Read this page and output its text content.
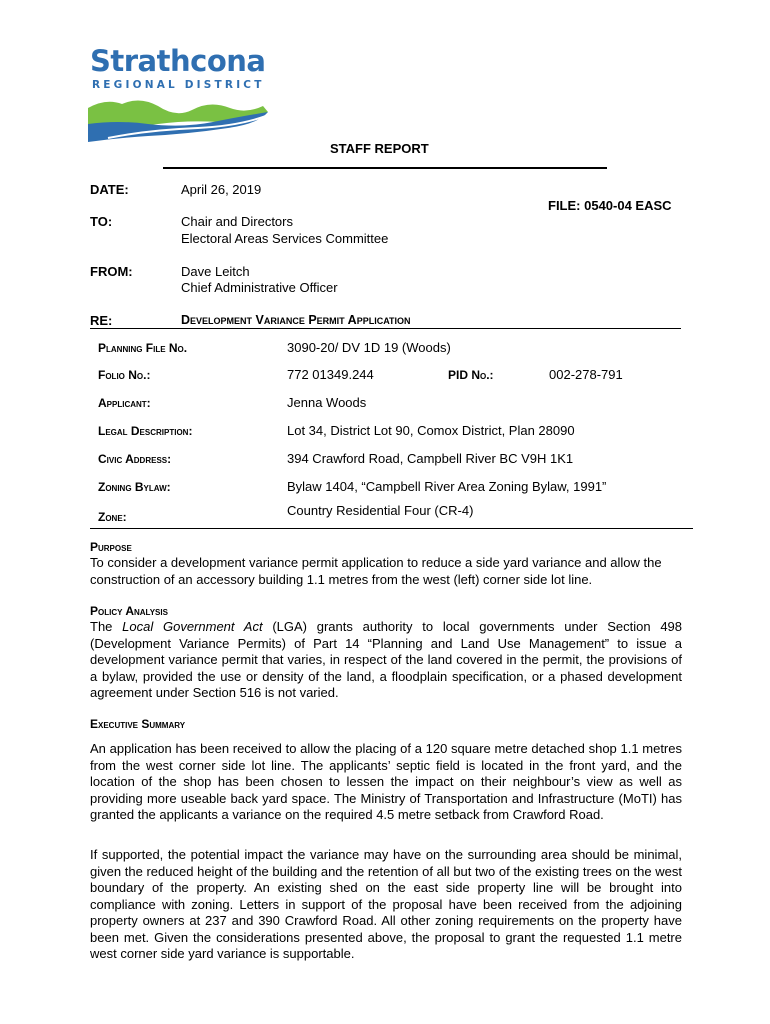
Strathcona
REGIONAL DISTRICT
STAFF REPORT
DATE:	April 26, 2019
FILE: 0540-04 EASC
TO:	Chair and Directors
Electoral Areas Services Committee
FROM:	Dave Leitch
Chief Administrative Officer
RE:	Development Variance Permit Application
Planning File No.	3090-20/ DV 1D 19 (Woods)
Folio No.:	772 01349.244	PID No.:	002-278-791
Applicant:	Jenna Woods
Legal Description:	Lot 34, District Lot 90, Comox District, Plan 28090
Civic Address:	394 Crawford Road, Campbell River BC V9H 1K1
Zoning Bylaw:	Bylaw 1404, “Campbell River Area Zoning Bylaw, 1991”
Zone:	Country Residential Four (CR-4)
Purpose
To consider a development variance permit application to reduce a side yard variance and allow the construction of an accessory building 1.1 metres from the west (left) corner side lot line.
Policy Analysis
The Local Government Act (LGA) grants authority to local governments under Section 498 (Development Variance Permits) of Part 14 “Planning and Land Use Management” to issue a development variance permit that varies, in respect of the land covered in the permit, the provisions of a bylaw, provided the use or density of the land, a floodplain specification, or a phased development agreement under Section 516 is not varied.
Executive Summary
An application has been received to allow the placing of a 120 square metre detached shop 1.1 metres from the west corner side lot line. The applicants’ septic field is located in the front yard, and the location of the shop has been chosen to lessen the impact on their neighbour’s view as well as providing more useable back yard space. The Ministry of Transportation and Infrastructure (MoTI) has granted the applicants a variance on the required 4.5 metre setback from Crawford Road.
If supported, the potential impact the variance may have on the surrounding area should be minimal, given the reduced height of the building and the retention of all but two of the existing trees on the west boundary of the property. An existing shed on the east side property line will be brought into compliance with zoning. Letters in support of the proposal have been received from the adjoining property owners at 237 and 390 Crawford Road. All other zoning requirements on the property have been met. Given the considerations presented above, the proposal to grant the requested 1.1 metre west corner side yard variance is supportable.
